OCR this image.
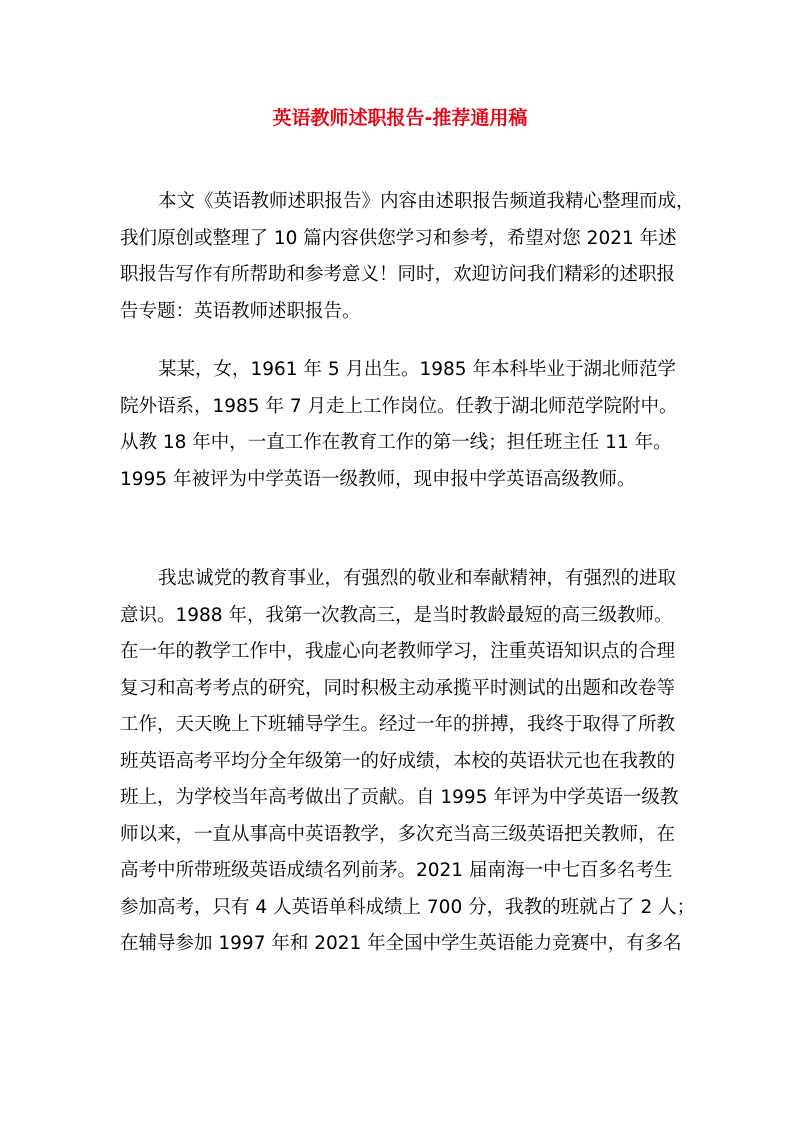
英语教师述职报告-推荐通用稿
本文《英语教师述职报告》内容由述职报告频道我精心整理而成，
我们原创或整理了 10 篇内容供您学习和参考，希望对您 2021 年述
职报告写作有所帮助和参考意义！同时，欢迎访问我们精彩的述职报
告专题：英语教师述职报告。
某某，女，1961 年 5 月出生。1985 年本科毕业于湖北师范学
院外语系，1985 年 7 月走上工作岗位。任教于湖北师范学院附中。
从教 18 年中，一直工作在教育工作的第一线；担任班主任 11 年。
1995 年被评为中学英语一级教师，现申报中学英语高级教师。
我忠诚党的教育事业，有强烈的敬业和奉献精神，有强烈的进取
意识。1988 年，我第一次教高三，是当时教龄最短的高三级教师。
在一年的教学工作中，我虚心向老教师学习，注重英语知识点的合理
复习和高考考点的研究，同时积极主动承揽平时测试的出题和改卷等
工作，天天晚上下班辅导学生。经过一年的拼搏，我终于取得了所教
班英语高考平均分全年级第一的好成绩，本校的英语状元也在我教的
班上，为学校当年高考做出了贡献。自 1995 年评为中学英语一级教
师以来，一直从事高中英语教学，多次充当高三级英语把关教师，在
高考中所带班级英语成绩名列前茅。2021 届南海一中七百多名考生
参加高考，只有 4 人英语单科成绩上 700 分，我教的班就占了 2 人；
在辅导参加 1997 年和 2021 年全国中学生英语能力竞赛中，有多名
